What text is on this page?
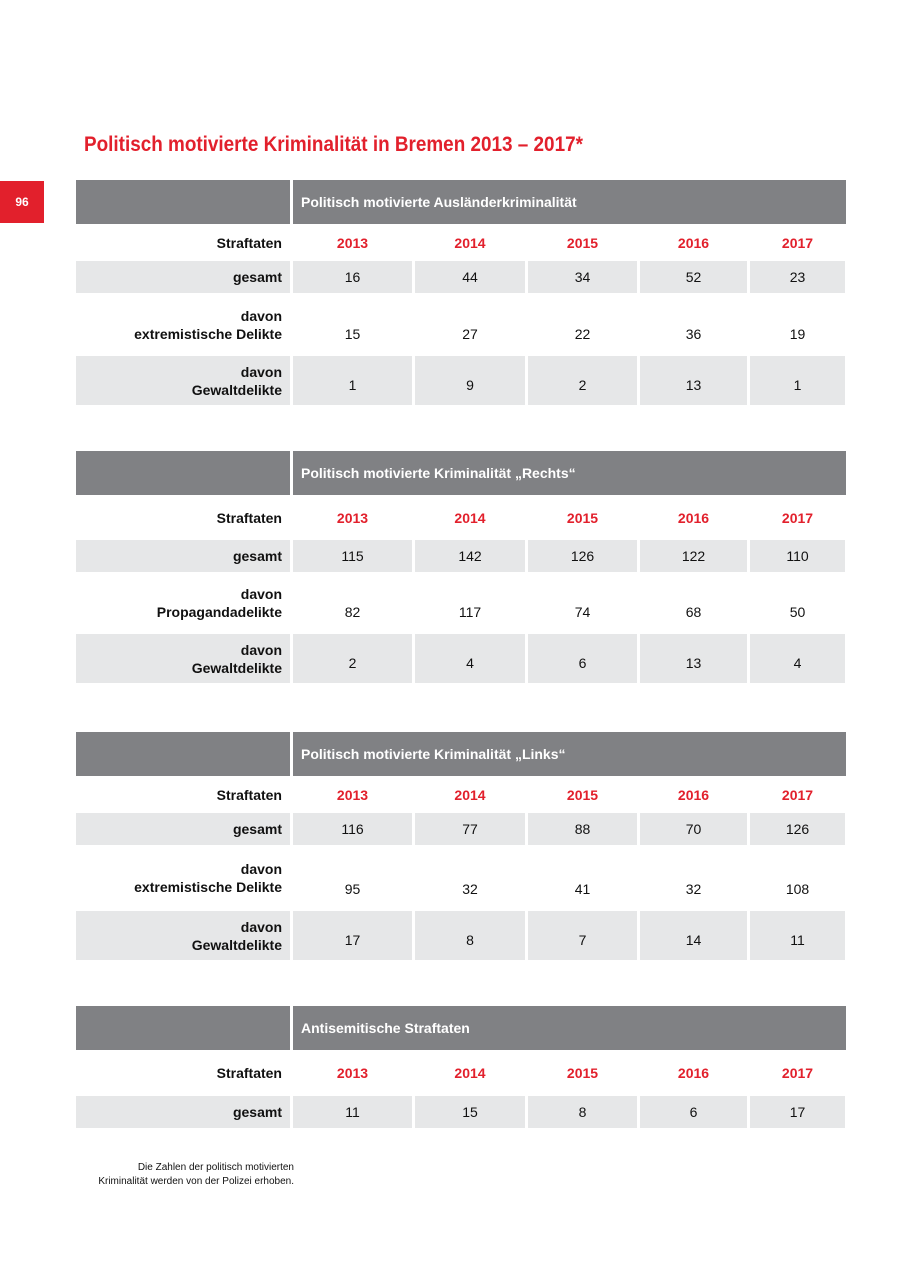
96
Politisch motivierte Kriminalität in Bremen 2013 – 2017*
Politisch motivierte Ausländerkriminalität
Straftaten	2013	2014	2015	2016	2017
gesamt	16	44	34	52	23
davon
extremistische Delikte	15	27	22	36	19
davon
Gewaltdelikte	1	9	2	13	1
Politisch motivierte Kriminalität „Rechts“
Straftaten	2013	2014	2015	2016	2017
gesamt	115	142	126	122	110
davon
Propagandadelikte	82	117	74	68	50
davon
Gewaltdelikte	2	4	6	13	4
Politisch motivierte Kriminalität „Links“
Straftaten	2013	2014	2015	2016	2017
gesamt	116	77	88	70	126
davon
extremistische Delikte	95	32	41	32	108
davon
Gewaltdelikte	17	8	7	14	11
Antisemitische Straftaten
Straftaten	2013	2014	2015	2016	2017
gesamt	11	15	8	6	17
Die Zahlen der politisch motivierten
Kriminalität werden von der Polizei erhoben.
